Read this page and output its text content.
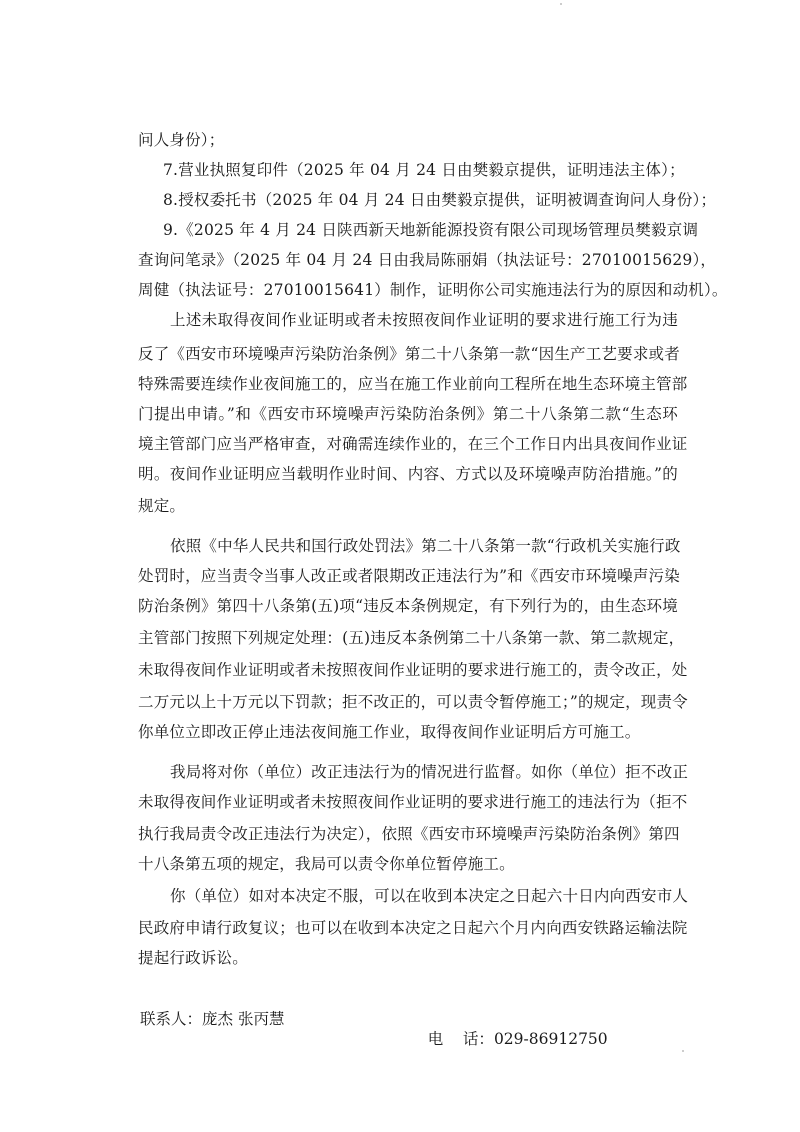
问人身份）；
7.营业执照复印件（2025 年 04 月 24 日由樊毅京提供，证明违法主体）；
8.授权委托书（2025 年 04 月 24 日由樊毅京提供，证明被调查询问人身份）；
9.《2025 年 4 月 24 日陕西新天地新能源投资有限公司现场管理员樊毅京调
查询问笔录》（2025 年 04 月 24 日由我局陈丽娟（执法证号：27010015629），
周健（执法证号：27010015641）制作，证明你公司实施违法行为的原因和动机）。
上述未取得夜间作业证明或者未按照夜间作业证明的要求进行施工行为违
反了《西安市环境噪声污染防治条例》第二十八条第一款“因生产工艺要求或者
特殊需要连续作业夜间施工的，应当在施工作业前向工程所在地生态环境主管部
门提出申请。”和《西安市环境噪声污染防治条例》第二十八条第二款“生态环
境主管部门应当严格审查，对确需连续作业的，在三个工作日内出具夜间作业证
明。夜间作业证明应当载明作业时间、内容、方式以及环境噪声防治措施。”的
规定。
依照《中华人民共和国行政处罚法》第二十八条第一款“行政机关实施行政
处罚时，应当责令当事人改正或者限期改正违法行为”和《西安市环境噪声污染
防治条例》第四十八条第(五)项“违反本条例规定，有下列行为的，由生态环境
主管部门按照下列规定处理：(五)违反本条例第二十八条第一款、第二款规定，
未取得夜间作业证明或者未按照夜间作业证明的要求进行施工的，责令改正，处
二万元以上十万元以下罚款；拒不改正的，可以责令暂停施工；”的规定，现责令
你单位立即改正停止违法夜间施工作业，取得夜间作业证明后方可施工。
我局将对你（单位）改正违法行为的情况进行监督。如你（单位）拒不改正
未取得夜间作业证明或者未按照夜间作业证明的要求进行施工的违法行为（拒不
执行我局责令改正违法行为决定），依照《西安市环境噪声污染防治条例》第四
十八条第五项的规定，我局可以责令你单位暂停施工。
你（单位）如对本决定不服，可以在收到本决定之日起六十日内向西安市人
民政府申请行政复议；也可以在收到本决定之日起六个月内向西安铁路运输法院
提起行政诉讼。
联系人：庞杰 张丙慧

电    话：029-86912750
